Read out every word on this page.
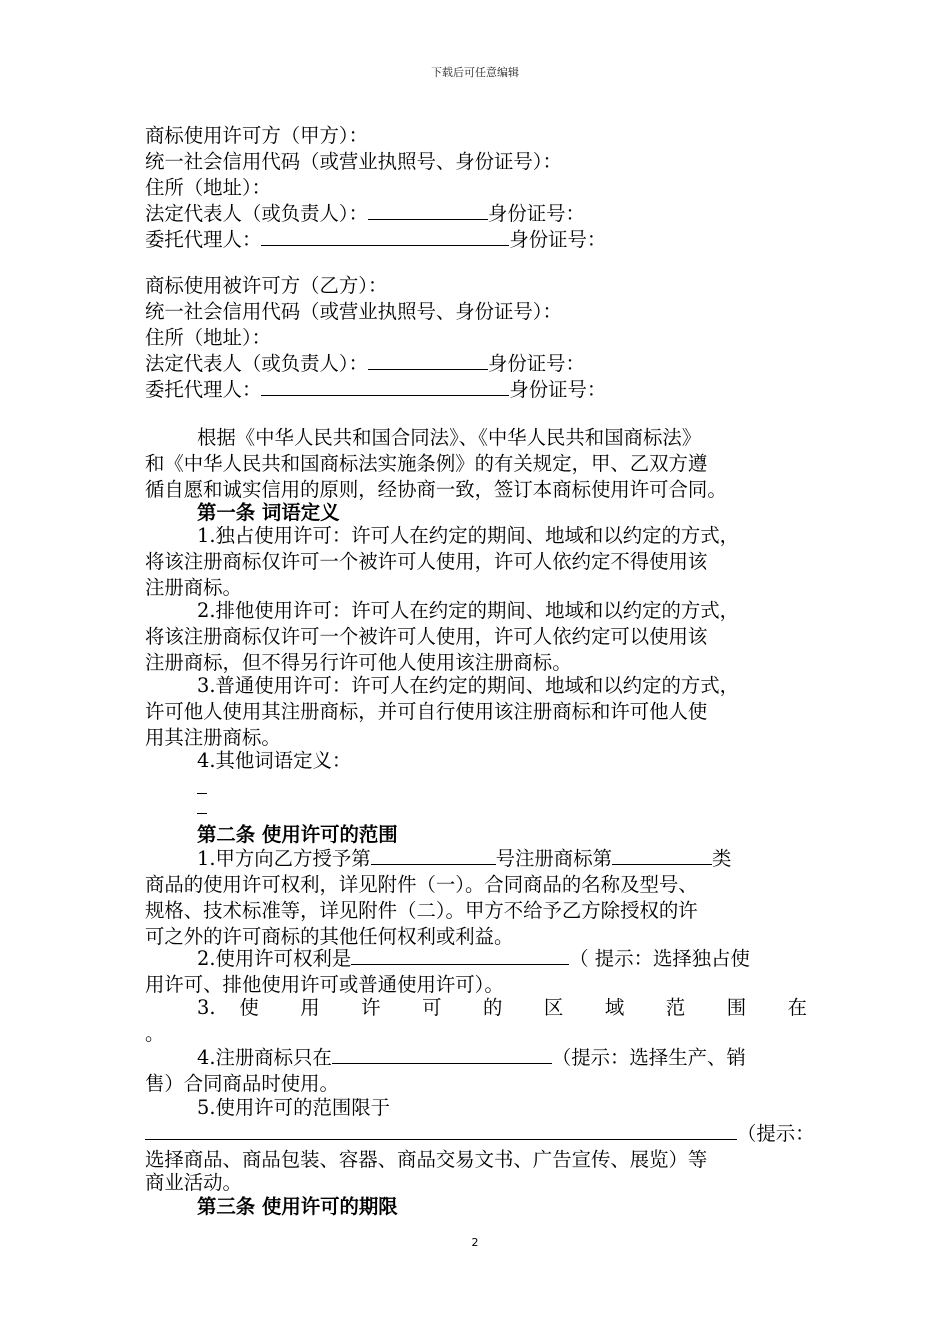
下载后可任意编辑
商标使用许可方（甲方）：
统一社会信用代码（或营业执照号、身份证号）：
住所（地址）：
法定代表人（或负责人）：	身份证号：
委托代理人：	身份证号：
商标使用被许可方（乙方）：
统一社会信用代码（或营业执照号、身份证号）：
住所（地址）：
法定代表人（或负责人）：	身份证号：
委托代理人：	身份证号：
根据《中华人民共和国合同法》、《中华人民共和国商标法》
和《中华人民共和国商标法实施条例》的有关规定，甲、乙双方遵
循自愿和诚实信用的原则，经协商一致，签订本商标使用许可合同。
第一条 词语定义
1.独占使用许可：许可人在约定的期间、地域和以约定的方式，
将该注册商标仅许可一个被许可人使用，许可人依约定不得使用该
注册商标。
2.排他使用许可：许可人在约定的期间、地域和以约定的方式，
将该注册商标仅许可一个被许可人使用，许可人依约定可以使用该
注册商标，但不得另行许可他人使用该注册商标。
3.普通使用许可：许可人在约定的期间、地域和以约定的方式，
许可他人使用其注册商标，并可自行使用该注册商标和许可他人使
用其注册商标。
4.其他词语定义：
第二条 使用许可的范围
1.甲方向乙方授予第	号注册商标第	类
商品的使用许可权利，详见附件（一）。合同商品的名称及型号、
规格、技术标准等，详见附件（二）。甲方不给予乙方除授权的许
可之外的许可商标的其他任何权利或利益。
2.使用许可权利是	（ 提示：选择独占使
用许可、排他使用许可或普通使用许可）。
3. 使 用 许 可 的 区 域 范 围 在
。
4.注册商标只在	（提示：选择生产、销
售）合同商品时使用。
5.使用许可的范围限于
（提示：
选择商品、商品包装、容器、商品交易文书、广告宣传、展览）等
商业活动。
第三条 使用许可的期限
2
